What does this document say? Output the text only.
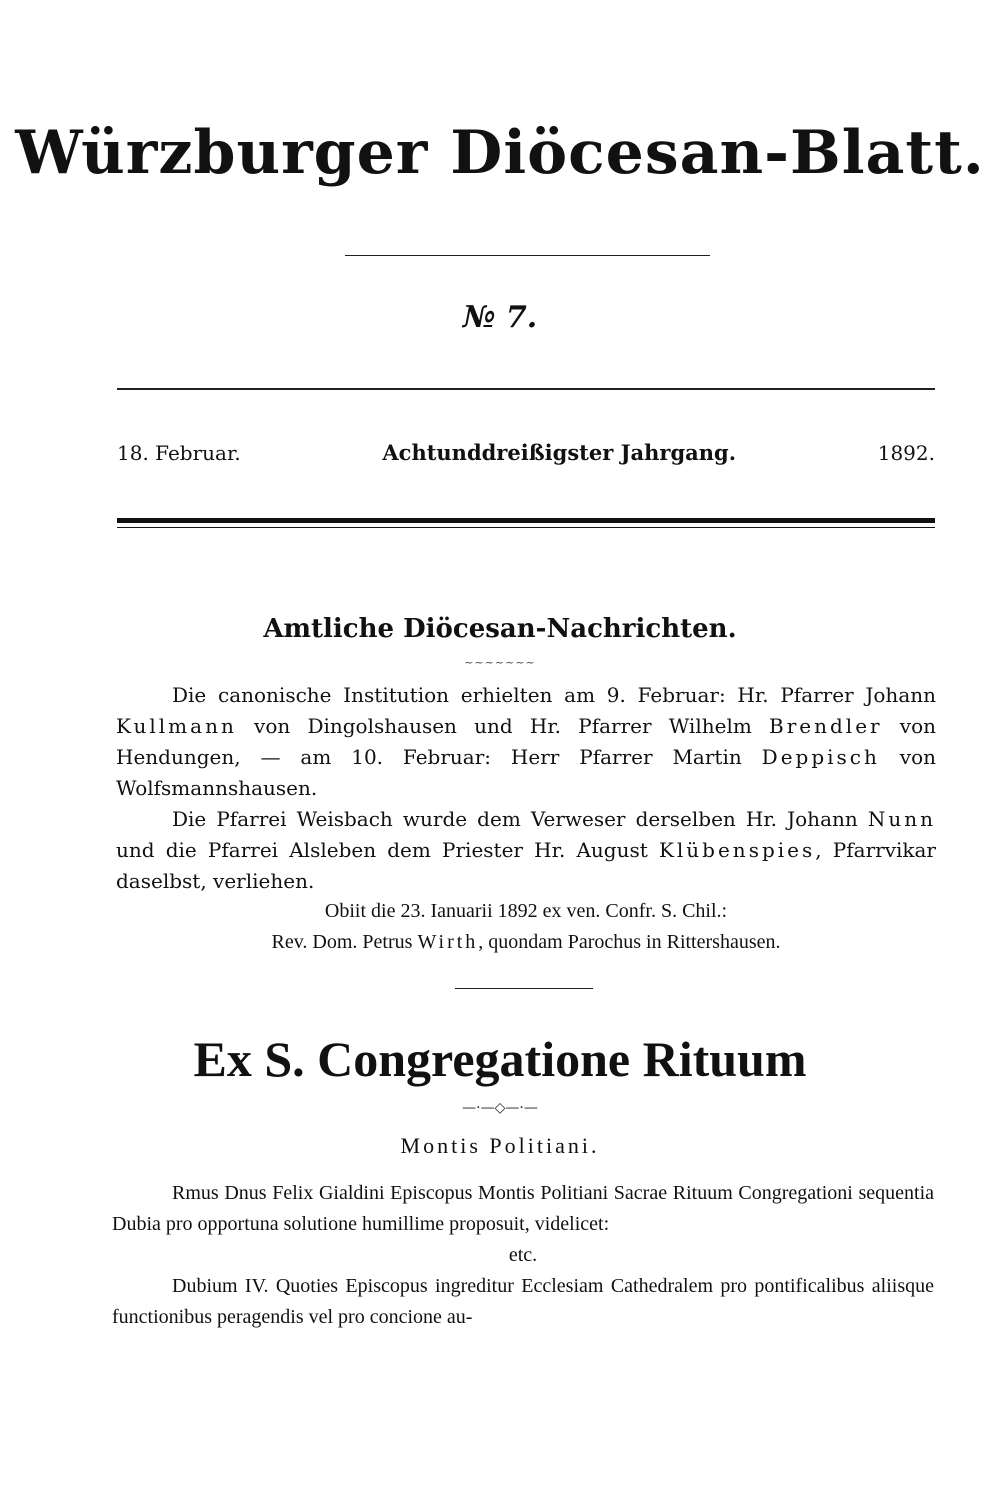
Würzburger Diöcesan-Blatt.
№ 7.
18. Februar.	Achtunddreißigster Jahrgang.	1892.
Amtliche Diöcesan-Nachrichten.
~~~~~~~

Die canonische Institution erhielten am 9. Februar: Hr. Pfarrer Johann Kullmann von Dingolshausen und Hr. Pfarrer Wilhelm Brendler von Hendungen, — am 10. Februar: Herr Pfarrer Martin Deppisch von Wolfsmannshausen.

Die Pfarrei Weisbach wurde dem Verweser derselben Hr. Johann Nunn und die Pfarrei Alsleben dem Priester Hr. August Klübenspies, Pfarrvikar daselbst, verliehen.

Obiit die 23. Ianuarii 1892 ex ven. Confr. S. Chil.:
Rev. Dom. Petrus Wirth, quondam Parochus in Rittershausen.
Ex S. Congregatione Rituum
—·—◇—·—
Montis Politiani.

Rmus Dnus Felix Gialdini Episcopus Montis Politiani Sacrae Rituum Congregationi sequentia Dubia pro opportuna solutione humillime proposuit, videlicet:

etc.

Dubium IV. Quoties Episcopus ingreditur Ecclesiam Cathedralem pro pontificalibus aliisque functionibus peragendis vel pro concione au-
